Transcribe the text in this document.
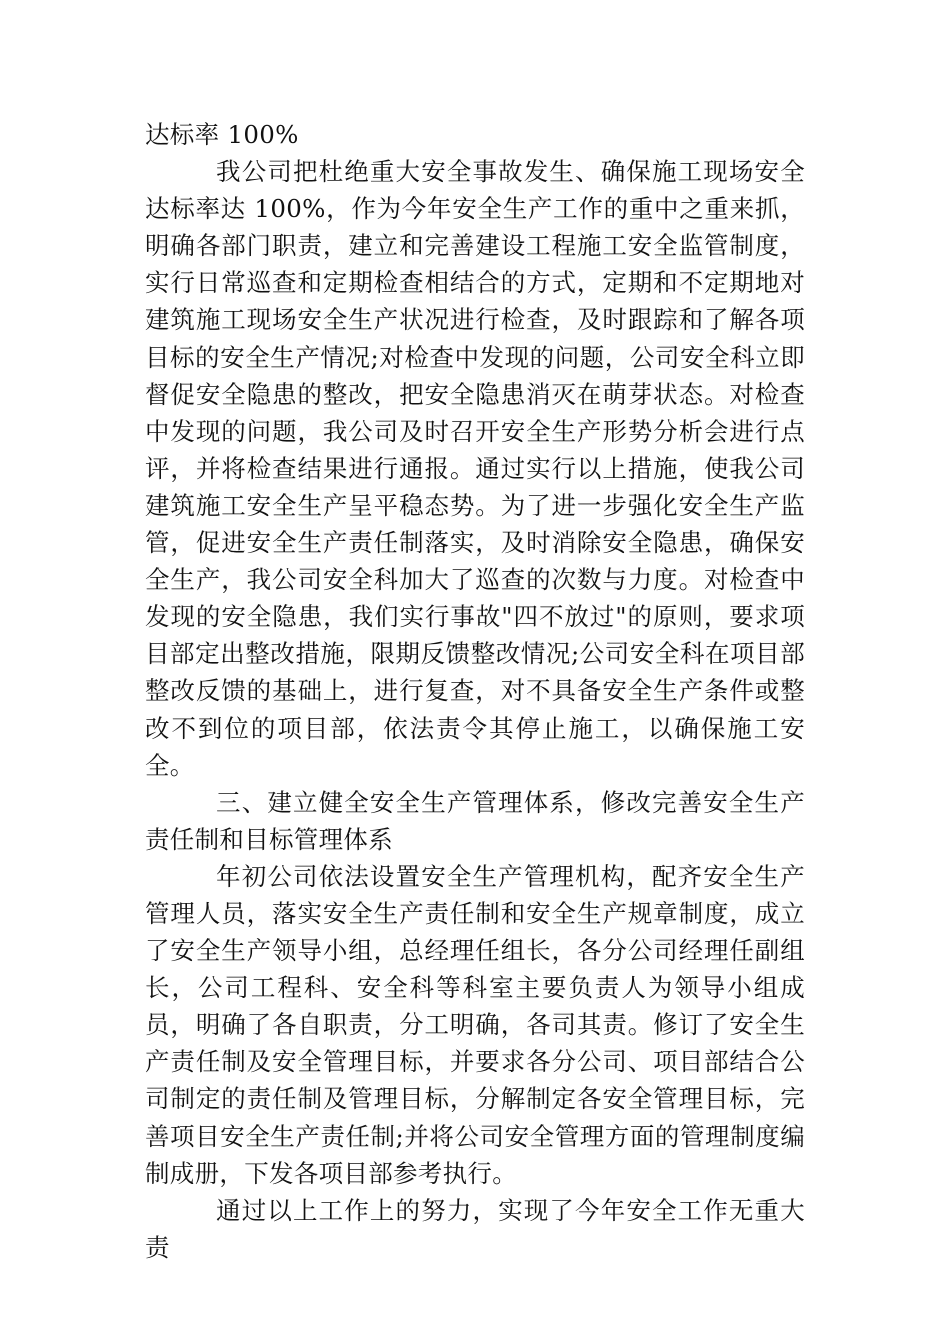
达标率 100%

我公司把杜绝重大安全事故发生、确保施工现场安全达标率达 100%，作为今年安全生产工作的重中之重来抓，明确各部门职责，建立和完善建设工程施工安全监管制度，实行日常巡查和定期检查相结合的方式，定期和不定期地对建筑施工现场安全生产状况进行检查，及时跟踪和了解各项目标的安全生产情况;对检查中发现的问题，公司安全科立即督促安全隐患的整改，把安全隐患消灭在萌芽状态。对检查中发现的问题，我公司及时召开安全生产形势分析会进行点评，并将检查结果进行通报。通过实行以上措施，使我公司建筑施工安全生产呈平稳态势。为了进一步强化安全生产监管，促进安全生产责任制落实，及时消除安全隐患，确保安全生产，我公司安全科加大了巡查的次数与力度。对检查中发现的安全隐患，我们实行事故"四不放过"的原则，要求项目部定出整改措施，限期反馈整改情况;公司安全科在项目部整改反馈的基础上，进行复查，对不具备安全生产条件或整改不到位的项目部，依法责令其停止施工，以确保施工安全。

三、建立健全安全生产管理体系，修改完善安全生产责任制和目标管理体系

年初公司依法设置安全生产管理机构，配齐安全生产管理人员，落实安全生产责任制和安全生产规章制度，成立了安全生产领导小组，总经理任组长，各分公司经理任副组长，公司工程科、安全科等科室主要负责人为领导小组成员，明确了各自职责，分工明确，各司其责。修订了安全生产责任制及安全管理目标，并要求各分公司、项目部结合公司制定的责任制及管理目标，分解制定各安全管理目标，完善项目安全生产责任制;并将公司安全管理方面的管理制度编制成册，下发各项目部参考执行。

通过以上工作上的努力，实现了今年安全工作无重大责
